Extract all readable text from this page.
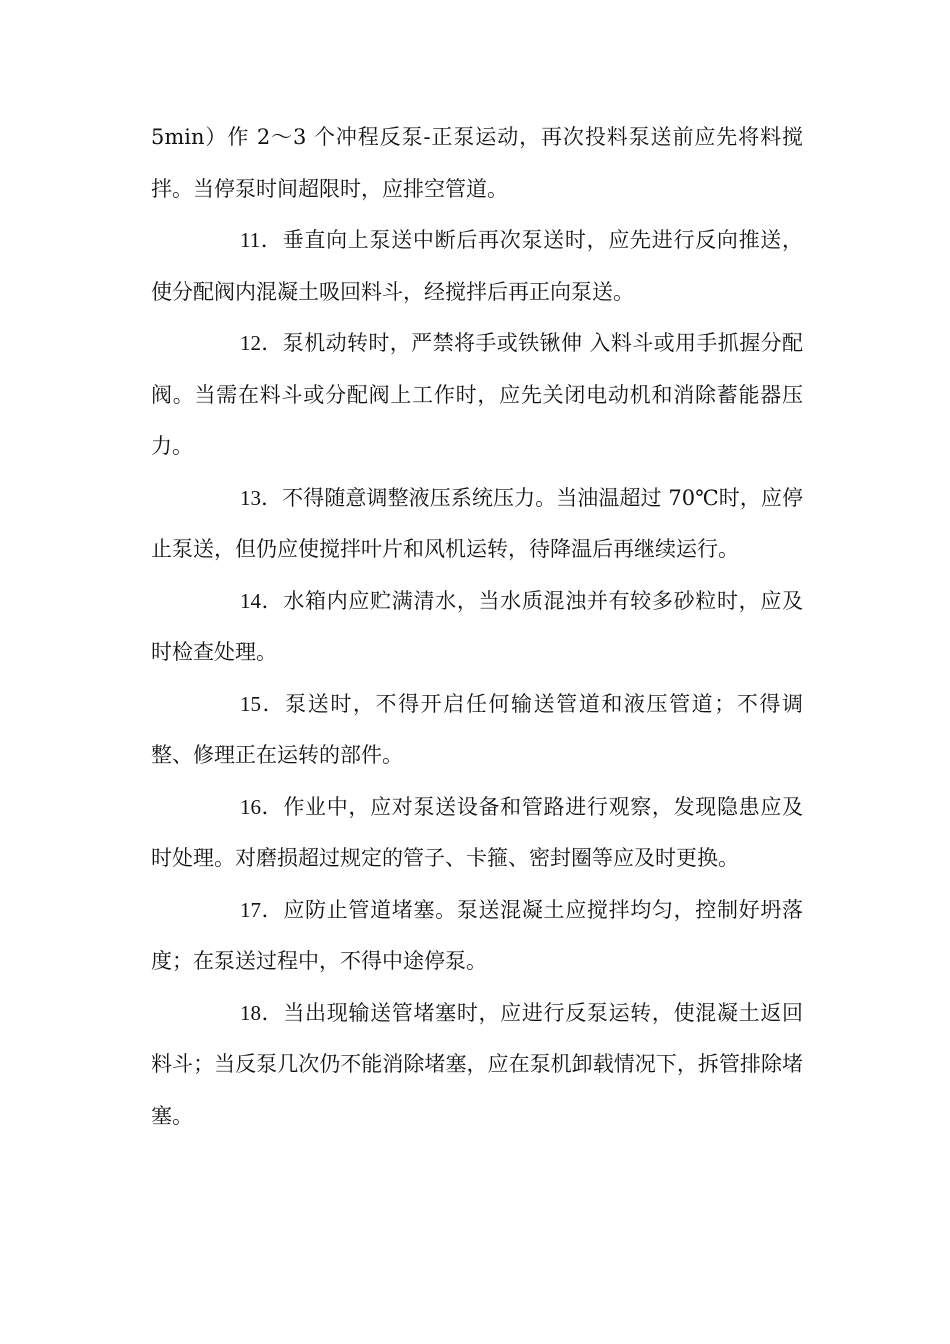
5min）作 2～3 个冲程反泵-正泵运动，再次投料泵送前应先将料搅拌。当停泵时间超限时，应排空管道。

11．垂直向上泵送中断后再次泵送时，应先进行反向推送，使分配阀内混凝土吸回料斗，经搅拌后再正向泵送。

12．泵机动转时，严禁将手或铁锹伸 入料斗或用手抓握分配阀。当需在料斗或分配阀上工作时，应先关闭电动机和消除蓄能器压力。

13．不得随意调整液压系统压力。当油温超过 70℃时，应停止泵送，但仍应使搅拌叶片和风机运转，待降温后再继续运行。

14．水箱内应贮满清水，当水质混浊并有较多砂粒时，应及时检查处理。

15．泵送时，不得开启任何输送管道和液压管道；不得调整、修理正在运转的部件。

16．作业中，应对泵送设备和管路进行观察，发现隐患应及时处理。对磨损超过规定的管子、卡箍、密封圈等应及时更换。

17．应防止管道堵塞。泵送混凝土应搅拌均匀，控制好坍落度；在泵送过程中，不得中途停泵。

18．当出现输送管堵塞时，应进行反泵运转，使混凝土返回料斗；当反泵几次仍不能消除堵塞，应在泵机卸载情况下，拆管排除堵塞。
